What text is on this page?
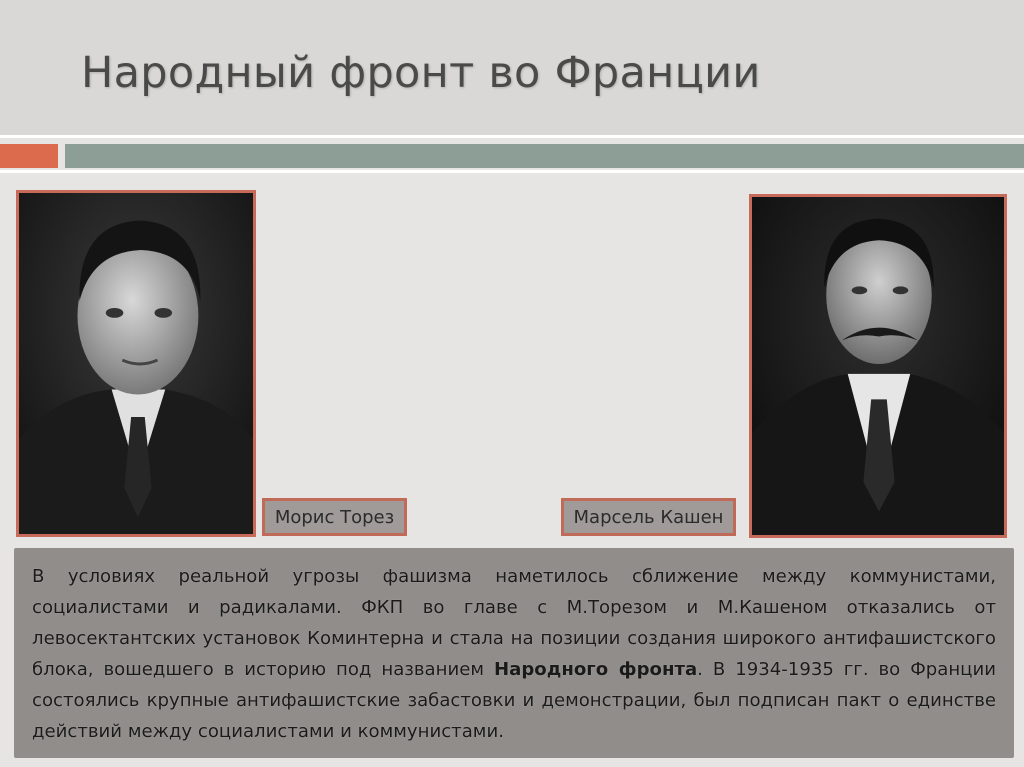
Народный фронт во Франции
Морис Торез	Марсель Кашен

В условиях реальной угрозы фашизма наметилось сближение между коммунистами, социалистами и радикалами. ФКП во главе с М.Торезом и М.Кашеном отказались от левосектантских установок Коминтерна и стала на позиции создания широкого антифашистского блока, вошедшего в историю под названием Народного фронта. В 1934-1935 гг. во Франции состоялись крупные антифашистские забастовки и демонстрации, был подписан пакт о единстве действий между социалистами и коммунистами.
